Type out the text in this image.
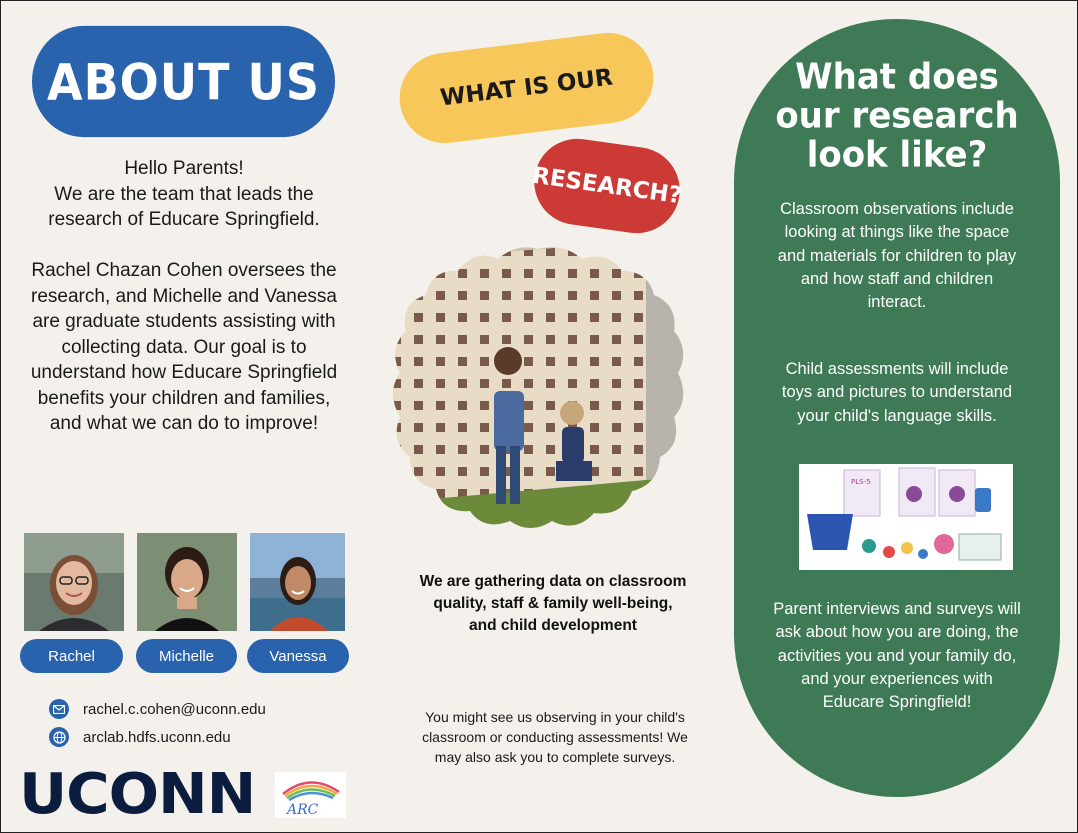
ABOUT US
Hello Parents!
We are the team that leads the research of Educare Springfield.

Rachel Chazan Cohen oversees the research, and Michelle and Vanessa are graduate students assisting with collecting data. Our goal is to understand how Educare Springfield benefits your children and families, and what we can do to improve!
Rachel	Michelle	Vanessa
rachel.c.cohen@uconn.edu
arclab.hdfs.uconn.edu
UCONN ARC
WHAT IS OUR
RESEARCH?
We are gathering data on classroom quality, staff & family well-being, and child development
You might see us observing in your child's classroom or conducting assessments! We may also ask you to complete surveys.
What does our research look like?
Classroom observations include looking at things like the space and materials for children to play and how staff and children interact.
Child assessments will include toys and pictures to understand your child's language skills.
PLS-5
Parent interviews and surveys will ask about how you are doing, the activities you and your family do, and your experiences with Educare Springfield!
